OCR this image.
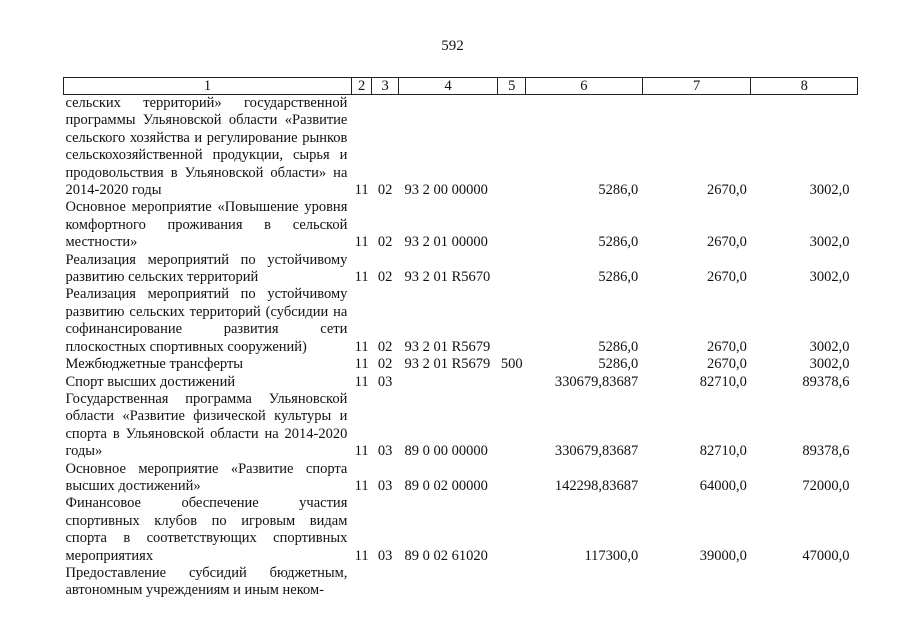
592
1	2	3	4	5	6	7	8
сельских территорий» государственной программы Ульяновской области «Развитие сельского хозяйства и регулирование рынков сельскохозяйственной продукции, сырья и продовольствия в Ульяновской области» на 2014-2020 годы	11	02	93 2 00 00000		5286,0	2670,0	3002,0
Основное мероприятие «Повышение уровня комфортного проживания в сельской местности»	11	02	93 2 01 00000		5286,0	2670,0	3002,0
Реализация мероприятий по устойчивому развитию сельских территорий	11	02	93 2 01 R5670		5286,0	2670,0	3002,0
Реализация мероприятий по устойчивому развитию сельских территорий (субсидии на софинансирование развития сети плоскостных спортивных сооружений)	11	02	93 2 01 R5679		5286,0	2670,0	3002,0
Межбюджетные трансферты	11	02	93 2 01 R5679	500	5286,0	2670,0	3002,0
Спорт высших достижений	11	03			330679,83687	82710,0	89378,6
Государственная программа Ульяновской области «Развитие физической культуры и спорта в Ульяновской области на 2014-2020 годы»	11	03	89 0 00 00000		330679,83687	82710,0	89378,6
Основное мероприятие «Развитие спорта высших достижений»	11	03	89 0 02 00000		142298,83687	64000,0	72000,0
Финансовое обеспечение участия спортивных клубов по игровым видам спорта в соответствующих спортивных мероприятиях	11	03	89 0 02 61020		117300,0	39000,0	47000,0
Предоставление субсидий бюджетным, автономным учреждениям и иным неком-							
